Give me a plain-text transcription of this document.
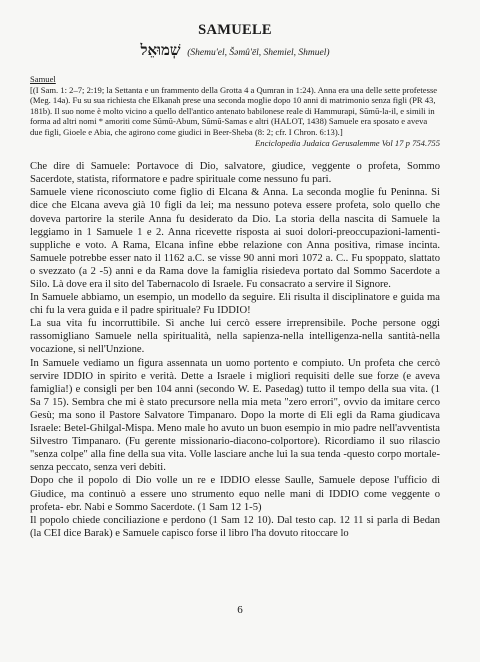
SAMUELE
שְׁמוּאֵל (Shemu'el, Šəmû'ēl, Shemiel, Shmuel)
Samuel

[(I Sam. 1: 2–7; 2:19; la Settanta e un frammento della Grotta 4 a Qumran in 1:24). Anna era una delle sette profetesse (Meg. 14a). Fu su sua richiesta che Elkanah prese una seconda moglie dopo 10 anni di matrimonio senza figli (PR 43, 181b). Il suo nome è molto vicino a quello dell'antico antenato babilonese reale di Hammurapi, Sūmū-la-il, e simili in forma ad altri nomi * amoriti come Sūmū-Abum, Sūmū-Samas e altri (HALOT, 1438) Samuele era sposato e aveva due figli, Gioele e Abia, che agirono come giudici in Beer-Sheba (8: 2; cfr. I Chron. 6:13).]

Enciclopedia Judaica Gerusalemme Vol 17 p 754.755

Che dire di Samuele: Portavoce di Dio, salvatore, giudice, veggente o profeta, Sommo Sacerdote, statista, riformatore e padre spirituale come nessuno fu pari.

Samuele viene riconosciuto come figlio di Elcana & Anna. La seconda moglie fu Peninna. Si dice che Elcana aveva già 10 figli da lei; ma nessuno poteva essere profeta, solo quello che doveva partorire la sterile Anna fu desiderato da Dio. La storia della nascita di Samuele la leggiamo in 1 Samuele 1 e 2. Anna ricevette risposta ai suoi dolori-preoccupazioni-lamenti-suppliche e voto. A Rama, Elcana infine ebbe relazione con Anna positiva, rimase incinta. Samuele potrebbe esser nato il 1162 a.C. se visse 90 anni morì 1072 a. C.. Fu spoppato, slattato o svezzato (a 2 -5) anni e da Rama dove la famiglia risiedeva portato dal Sommo Sacerdote a Silo. Là dove era il sito del Tabernacolo di Israele. Fu consacrato a servire il Signore.

In Samuele abbiamo, un esempio, un modello da seguire. Eli risulta il disciplinatore e guida ma chi fu la vera guida e il padre spirituale? Fu IDDIO!

La sua vita fu incorruttibile. Sì anche lui cercò essere irreprensibile. Poche persone oggi rassomigliano Samuele nella spiritualità, nella sapienza-nella intelligenza-nella santità-nella vocazione, si nell'Unzione.

In Samuele vediamo un figura assennata un uomo portento e compiuto. Un profeta che cercò servire IDDIO in spirito e verità. Dette a Israele i migliori requisiti delle sue forze (e aveva famiglia!) e consigli per ben 104 anni (secondo W. E. Pasedag) tutto il tempo della sua vita. (1 Sa 7 15). Sembra che mi è stato precursore nella mia meta "zero errori", ovvio da imitare cerco Gesù; ma sono il Pastore Salvatore Timpanaro. Dopo la morte di Eli egli da Rama giudicava Israele: Betel-Ghilgal-Mispa. Meno male ho avuto un buon esempio in mio padre nell'avventista Silvestro Timpanaro. (Fu gerente missionario-diacono-colportore). Ricordiamo il suo rilascio "senza colpe" alla fine della sua vita. Volle lasciare anche lui la sua tenda -questo corpo mortale- senza peccato, senza veri debiti.

Dopo che il popolo di Dio volle un re e IDDIO elesse Saulle, Samuele depose l'ufficio di Giudice, ma continuò a essere uno strumento equo nelle mani di IDDIO come veggente o profeta- ebr. Nabi e Sommo Sacerdote. (1 Sam 12 1-5)

Il popolo chiede conciliazione e perdono (1 Sam 12 10). Dal testo cap. 12 11 si parla di Bedan (la CEI dice Barak) e Samuele capisco forse il libro l'ha dovuto ritoccare lo

6
